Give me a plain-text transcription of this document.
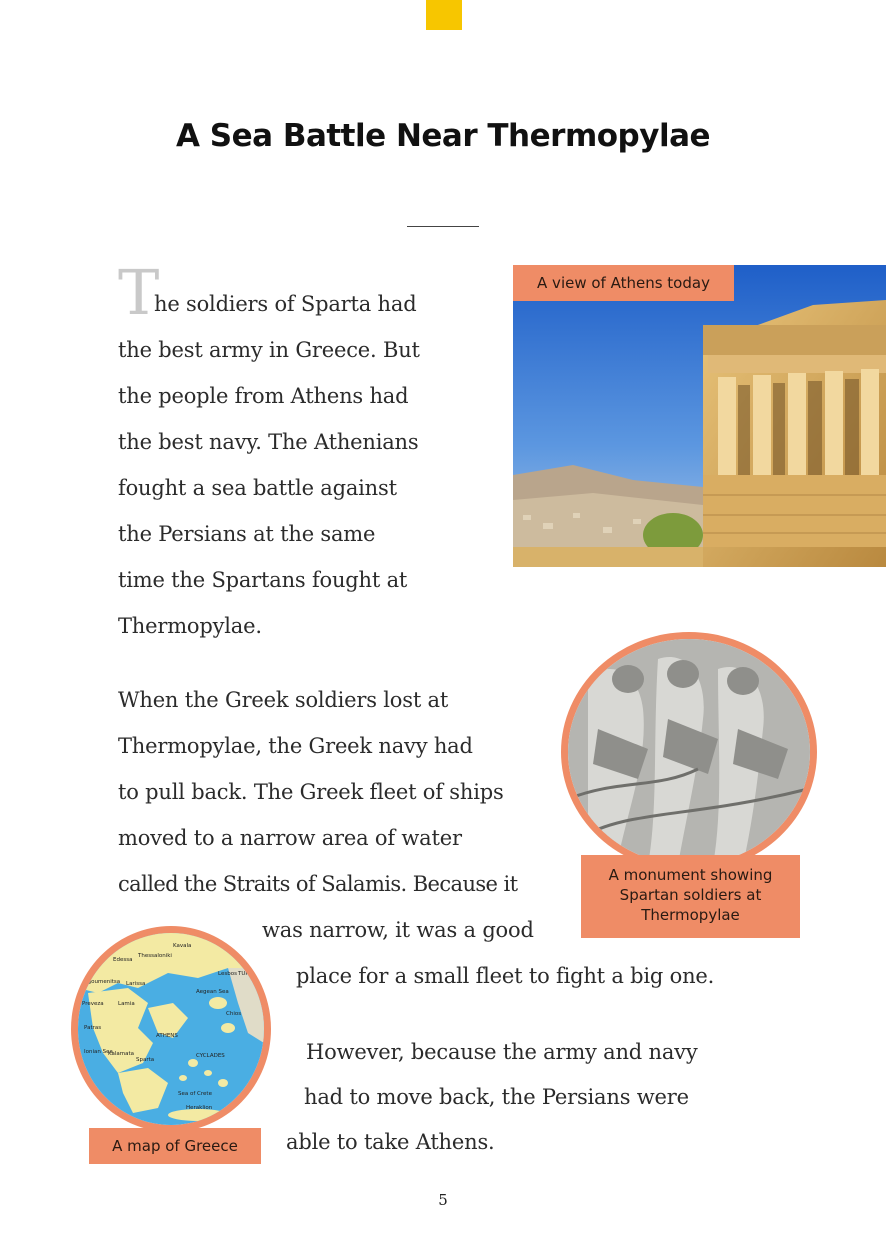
A Sea Battle Near Thermopylae
A view of Athens today
T
he soldiers of Sparta had
the best army in Greece. But
the people from Athens had
the best navy. The Athenians
fought a sea battle against
the Persians at the same
time the Spartans fought at
Thermopylae.
When the Greek soldiers lost at
Thermopylae, the Greek navy had
to pull back. The Greek fleet of ships
moved to a narrow area of water
called the Straits of Salamis. Because it
was narrow, it was a good
place for a small fleet to fight a big one.
However, because the army and navy
had to move back, the Persians were
able to take Athens.
A monument showing Spartan soldiers at Thermopylae
Kavala
Komoti
Edessa
Thessaloniki
Lesbos
Igoumenitsa Larissa
Aegean Sea
Preveza	Lamia
Chios
Patras
ATHENS
Sparta
Kalamata
Ionian Sea
CYCLADES
Sea of Crete
Heraklion
TURKEY
A map of Greece
5
